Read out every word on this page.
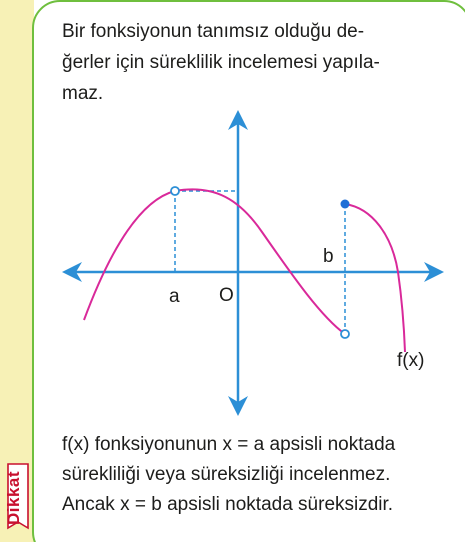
Bir fonksiyonun tanımsız olduğu de-
ğerler için süreklilik incelemesi yapıla-
maz.

a O
b
f(x)
Dikkat

f(x) fonksiyonunun x = a apsisli noktada
sürekliliği veya süreksizliği incelenmez.
Ancak x = b apsisli noktada süreksizdir.
